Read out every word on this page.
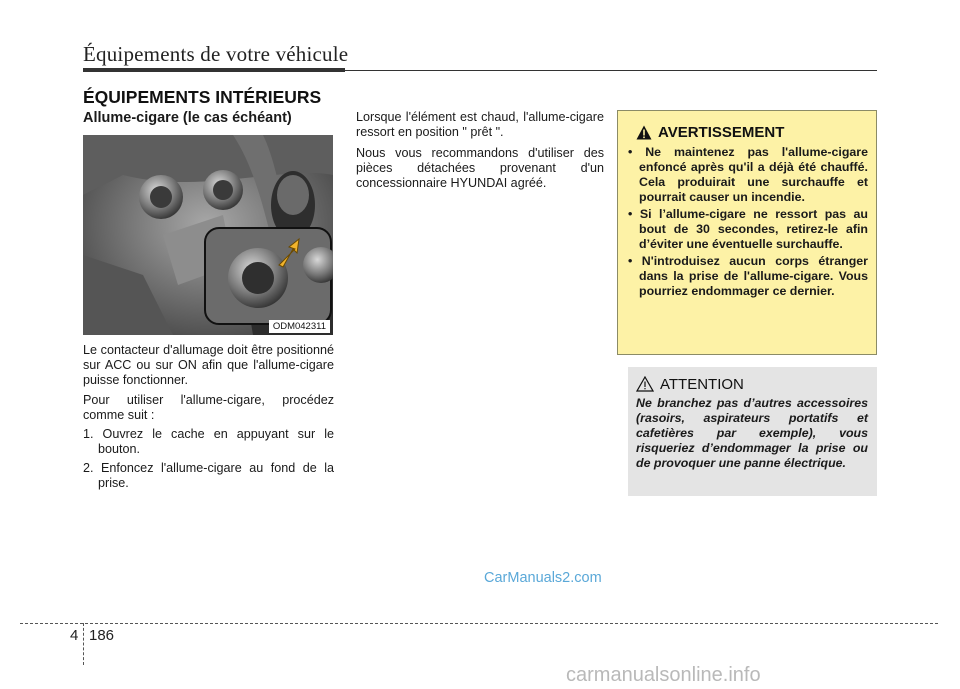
Équipements de votre véhicule
ÉQUIPEMENTS INTÉRIEURS
Allume-cigare (le cas échéant)
ODM042311

Le contacteur d'allumage doit être positionné sur ACC ou sur ON afin que l'allume-cigare puisse fonctionner.

Pour utiliser l'allume-cigare, procédez comme suit :

1. Ouvrez le cache en appuyant sur le bouton.
2. Enfoncez l'allume-cigare au fond de la prise.

Lorsque l'élément est chaud, l'allume-cigare ressort en position " prêt ".

Nous vous recommandons d'utiliser des pièces détachées provenant d'un concessionnaire HYUNDAI agréé.

AVERTISSEMENT
• Ne maintenez pas l'allume-cigare enfoncé après qu'il a déjà été chauffé. Cela produirait une surchauffe et pourrait causer un incendie.
• Si l’allume-cigare ne ressort pas au bout de 30 secondes, retirez-le afin d’éviter une éventuelle surchauffe.
• N'introduisez aucun corps étranger dans la prise de l'allume-cigare. Vous pourriez endommager ce dernier.
ATTENTION
Ne branchez pas d’autres accessoires (rasoirs, aspirateurs portatifs et cafetières par exemple), vous risqueriez d’endommager la prise ou de provoquer une panne électrique.
CarManuals2.com
4 186
carmanualsonline.info
